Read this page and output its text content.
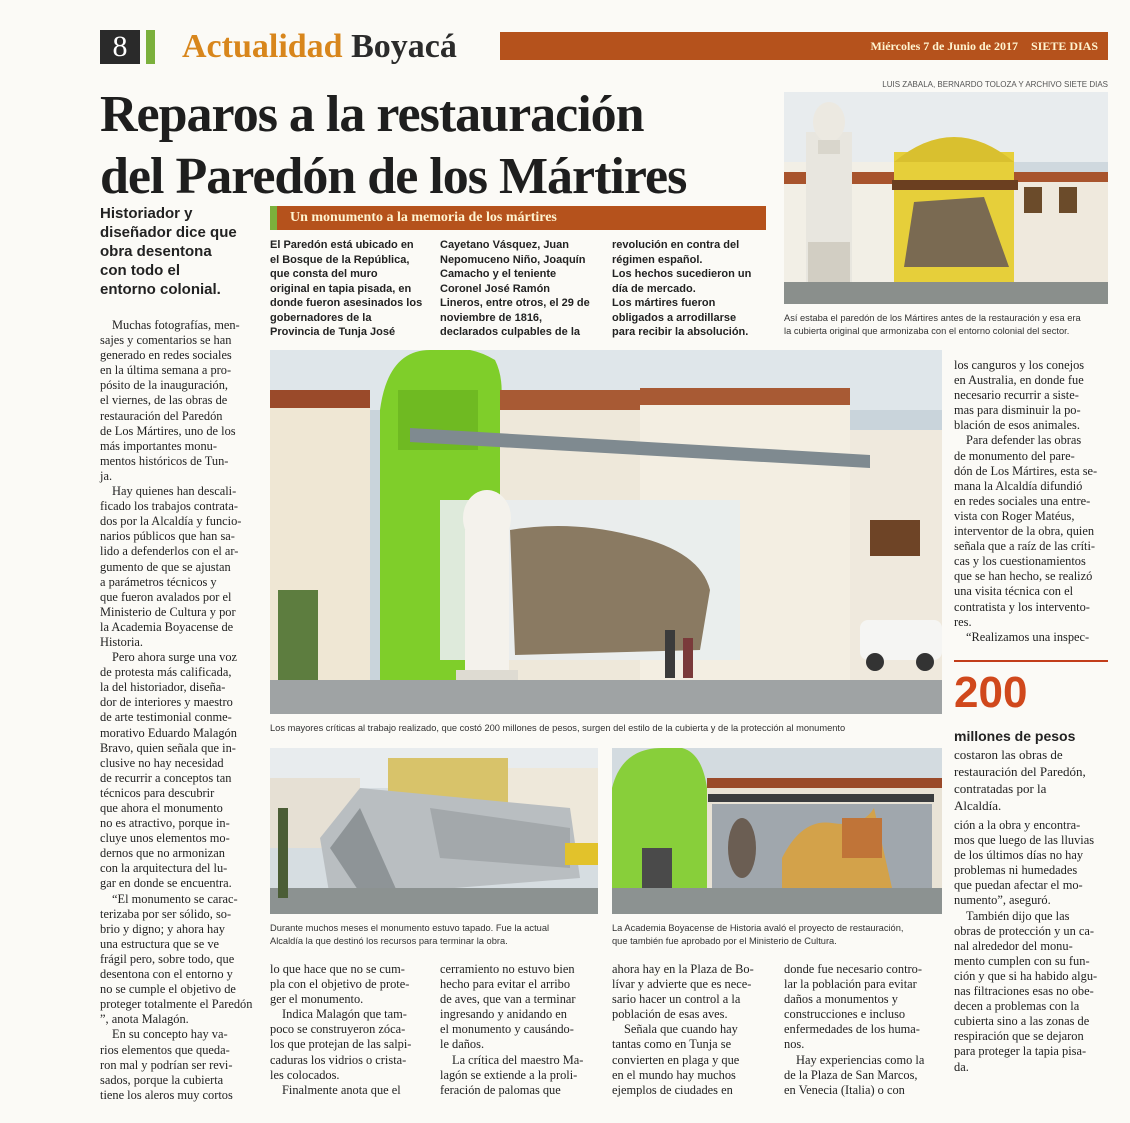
8	Actualidad Boyacá	Miércoles 7 de Junio de 2017 SIETE DIAS
LUIS ZABALA, BERNARDO TOLOZA Y ARCHIVO SIETE DIAS
Reparos a la restauración
del Paredón de los Mártires
Historiador y
diseñador dice que
obra desentona
con todo el
entorno colonial.
Un monumento a la memoria de los mártires
El Paredón está ubicado en
el Bosque de la República,
que consta del muro
original en tapia pisada, en
donde fueron asesinados los
gobernadores de la
Provincia de Tunja José
Cayetano Vásquez, Juan
Nepomuceno Niño, Joaquín
Camacho y el teniente
Coronel José Ramón
Lineros, entre otros, el 29 de
noviembre de 1816,
declarados culpables de la
revolución en contra del
régimen español.
Los hechos sucedieron un
día de mercado.
Los mártires fueron
obligados a arrodillarse
para recibir la absolución.
Así estaba el paredón de los Mártires antes de la restauración y esa era
la cubierta original que armonizaba con el entorno colonial del sector.
Los mayores críticas al trabajo realizado, que costó 200 millones de pesos, surgen del estilo de la cubierta y de la protección al monumento
Durante muchos meses el monumento estuvo tapado. Fue la actual
Alcaldía la que destinó los recursos para terminar la obra.
La Academia Boyacense de Historia avaló el proyecto de restauración,
que también fue aprobado por el Ministerio de Cultura.
Muchas fotografías, men-
sajes y comentarios se han
generado en redes sociales
en la última semana a pro-
pósito de la inauguración,
el viernes, de las obras de
restauración del Paredón
de Los Mártires, uno de los
más importantes monu-
mentos históricos de Tun-
ja.
Hay quienes han descali-
ficado los trabajos contrata-
dos por la Alcaldía y funcio-
narios públicos que han sa-
lido a defenderlos con el ar-
gumento de que se ajustan
a parámetros técnicos y
que fueron avalados por el
Ministerio de Cultura y por
la Academia Boyacense de
Historia.
Pero ahora surge una voz
de protesta más calificada,
la del historiador, diseña-
dor de interiores y maestro
de arte testimonial conme-
morativo Eduardo Malagón
Bravo, quien señala que in-
clusive no hay necesidad
de recurrir a conceptos tan
técnicos para descubrir
que ahora el monumento
no es atractivo, porque in-
cluye unos elementos mo-
dernos que no armonizan
con la arquitectura del lu-
gar en donde se encuentra.
“El monumento se carac-
terizaba por ser sólido, so-
brio y digno; y ahora hay
una estructura que se ve
frágil pero, sobre todo, que
desentona con el entorno y
no se cumple el objetivo de
proteger totalmente el Paredón
”, anota Malagón.
En su concepto hay va-
rios elementos que queda-
ron mal y podrían ser revi-
sados, porque la cubierta
tiene los aleros muy cortos
lo que hace que no se cum-
pla con el objetivo de prote-
ger el monumento.
Indica Malagón que tam-
poco se construyeron zóca-
los que protejan de las salpi-
caduras los vidrios o crista-
les colocados.
Finalmente anota que el
cerramiento no estuvo bien
hecho para evitar el arribo
de aves, que van a terminar
ingresando y anidando en
el monumento y causándo-
le daños.
La crítica del maestro Ma-
lagón se extiende a la proli-
feración de palomas que
ahora hay en la Plaza de Bo-
lívar y advierte que es nece-
sario hacer un control a la
población de esas aves.
Señala que cuando hay
tantas como en Tunja se
convierten en plaga y que
en el mundo hay muchos
ejemplos de ciudades en
donde fue necesario contro-
lar la población para evitar
daños a monumentos y
construcciones e incluso
enfermedades de los huma-
nos.
Hay experiencias como la
de la Plaza de San Marcos,
en Venecia (Italia) o con
los canguros y los conejos
en Australia, en donde fue
necesario recurrir a siste-
mas para disminuir la po-
blación de esos animales.
Para defender las obras
de monumento del pare-
dón de Los Mártires, esta se-
mana la Alcaldía difundió
en redes sociales una entre-
vista con Roger Matéus,
interventor de la obra, quien
señala que a raíz de las críti-
cas y los cuestionamientos
que se han hecho, se realizó
una visita técnica con el
contratista y los intervento-
res.
“Realizamos una inspec-
200
millones de pesos
costaron las obras de
restauración del Paredón,
contratadas por la
Alcaldía.
ción a la obra y encontra-
mos que luego de las lluvias
de los últimos días no hay
problemas ni humedades
que puedan afectar el mo-
numento”, aseguró.
También dijo que las
obras de protección y un ca-
nal alrededor del monu-
mento cumplen con su fun-
ción y que si ha habido algu-
nas filtraciones esas no obe-
decen a problemas con la
cubierta sino a las zonas de
respiración que se dejaron
para proteger la tapia pisa-
da.
